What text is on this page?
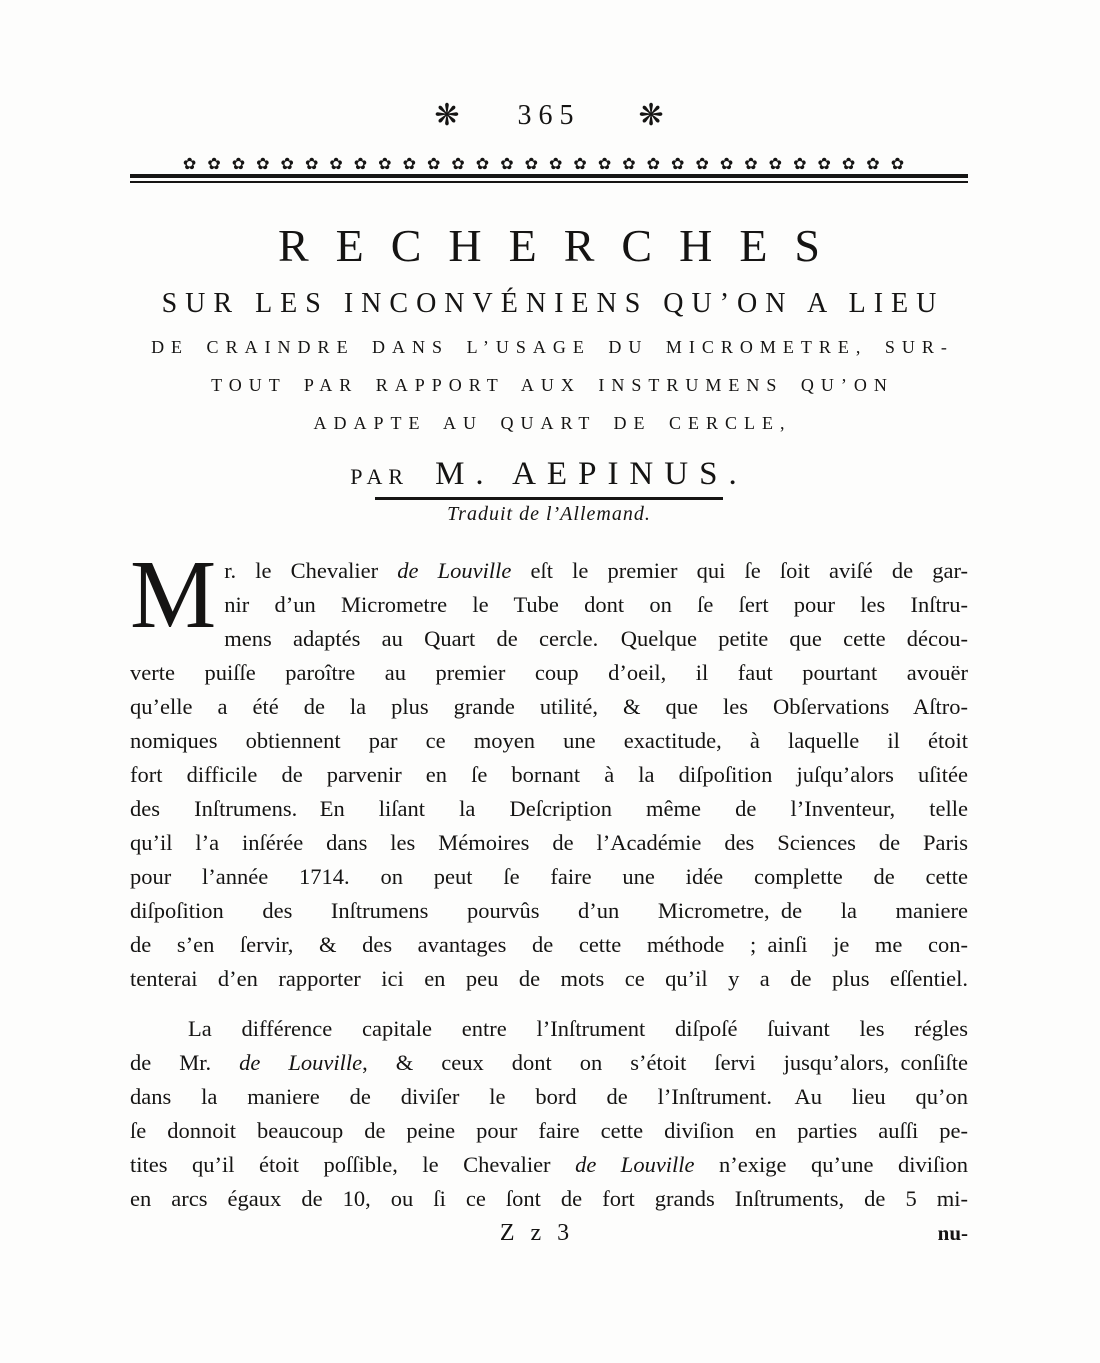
❋ 365 ❋
✿✿✿✿✿✿✿✿✿✿✿✿✿✿✿✿✿✿✿✿✿✿✿✿✿✿✿✿✿✿
RECHERCHES
SUR LES INCONVÉNIENS QU’ON A LIEU
DE CRAINDRE DANS L’USAGE DU MICROMETRE, SUR-
TOUT PAR RAPPORT AUX INSTRUMENS QU’ON
ADAPTE AU QUART DE CERCLE,
PAR M. AEPINUS.
Traduit de l’Allemand.
M r. le Chevalier de Louville eſt le premier qui ſe ſoit aviſé de gar-
nir d’un Micrometre le Tube dont on ſe ſert pour les Inſtru-
mens adaptés au Quart de cercle. Quelque petite que cette décou-
verte puiſſe paroître au premier coup d’oeil, il faut pourtant avouër
qu’elle a été de la plus grande utilité, & que les Obſervations Aſtro-
nomiques obtiennent par ce moyen une exactitude, à laquelle il étoit
fort difficile de parvenir en ſe bornant à la diſpoſition juſqu’alors uſitée
des Inſtrumens. En liſant la Deſcription même de l’Inventeur, telle
qu’il l’a inſérée dans les Mémoires de l’Académie des Sciences de Paris
pour l’année 1714. on peut ſe faire une idée complette de cette
diſpoſition des Inſtrumens pourvûs d’un Micrometre, de la maniere
de s’en ſervir, & des avantages de cette méthode ; ainſi je me con-
tenterai d’en rapporter ici en peu de mots ce qu’il y a de plus eſſentiel.
La différence capitale entre l’Inſtrument diſpoſé ſuivant les régles
de Mr. de Louville, & ceux dont on s’étoit ſervi jusqu’alors, conſiſte
dans la maniere de diviſer le bord de l’Inſtrument. Au lieu qu’on
ſe donnoit beaucoup de peine pour faire cette diviſion en parties auſſi pe-
tites qu’il étoit poſſible, le Chevalier de Louville n’exige qu’une diviſion
en arcs égaux de 10, ou ſi ce ſont de fort grands Inſtruments, de 5 mi-
Z z 3	nu-
